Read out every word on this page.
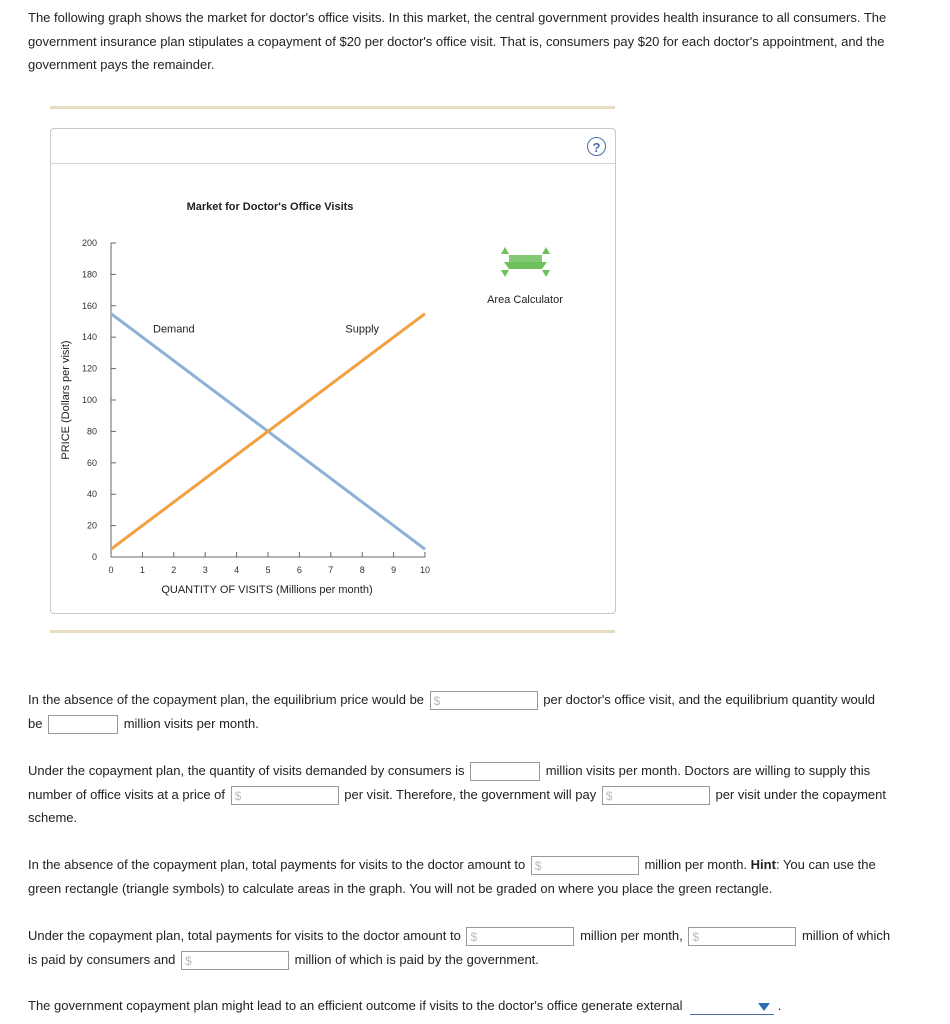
The following graph shows the market for doctor's office visits. In this market, the central government provides health insurance to all consumers. The government insurance plan stipulates a copayment of $20 per doctor's office visit. That is, consumers pay $20 for each doctor's appointment, and the government pays the remainder.
?
Market for Doctor's Office Visits
PRICE (Dollars per visit)
QUANTITY OF VISITS (Millions per month)
0
20
40
60
80
100
120
140
160
180
200
0	1	2	3	4	5	6	7	8	9	10
Demand	Supply
Area Calculator
In the absence of the copayment plan, the equilibrium price would be $	per doctor's office visit, and the equilibrium quantity would
be	million visits per month.
Under the copayment plan, the quantity of visits demanded by consumers is	million visits per month. Doctors are willing to supply this
number of office visits at a price of $	per visit. Therefore, the government will pay $	per visit under the copayment
scheme.
In the absence of the copayment plan, total payments for visits to the doctor amount to $	million per month. Hint: You can use the
green rectangle (triangle symbols) to calculate areas in the graph. You will not be graded on where you place the green rectangle.
Under the copayment plan, total payments for visits to the doctor amount to $	million per month, $	million of which
is paid by consumers and $	million of which is paid by the government.
The government copayment plan might lead to an efficient outcome if visits to the doctor's office generate external	.
